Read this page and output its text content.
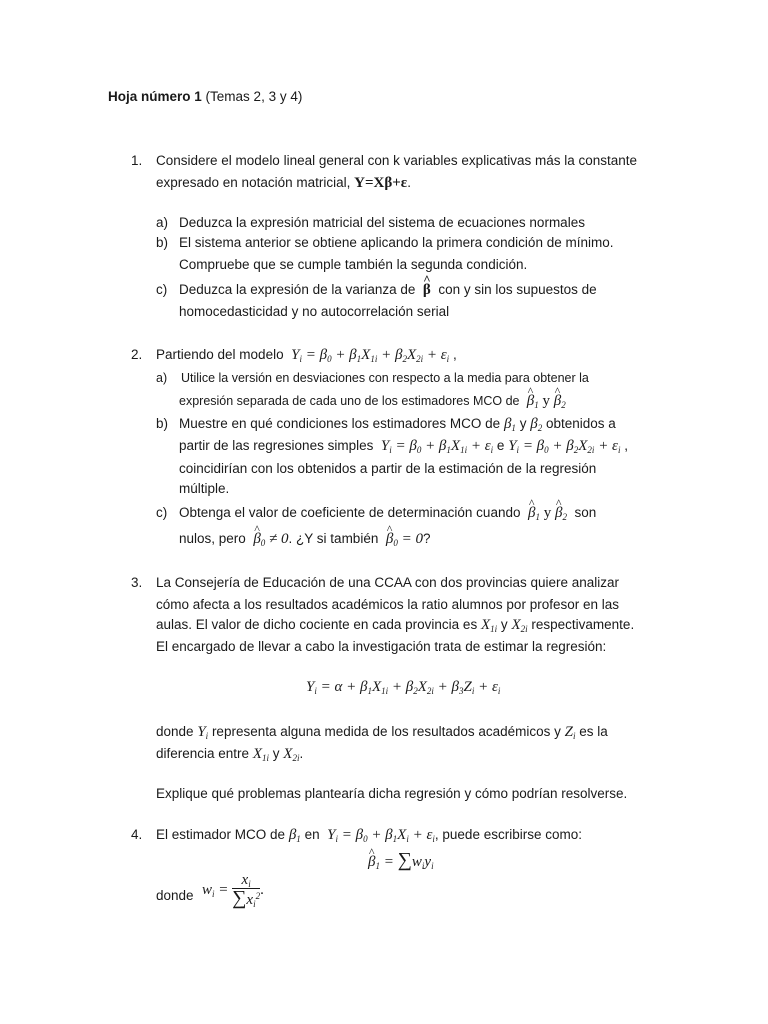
Hoja número 1 (Temas 2, 3 y 4)
1. Considere el modelo lineal general con k variables explicativas más la constante
expresado en notación matricial, Y=Xβ+ε.
a) Deduzca la expresión matricial del sistema de ecuaciones normales
b) El sistema anterior se obtiene aplicando la primera condición de mínimo.
Compruebe que se cumple también la segunda condición.
c) Deduzca la expresión de la varianza de ^ β con y sin los supuestos de
homocedasticidad y no autocorrelación serial
2. Partiendo del modelo  $Y_i = \beta_0 + \beta_1X_{1i} + \beta_2X_{2i} + \varepsilon_i$ ,
a) Utilice la versión en desviaciones con respecto a la media para obtener la
expresión separada de cada uno de los estimadores MCO de ^ $\beta_1$ y ^ $\beta_2$
b) Muestre en qué condiciones los estimadores MCO de $\beta_1$ y $\beta_2$ obtenidos a
partir de las regresiones simples  $Y_i = \beta_0 + \beta_1X_{1i} + \varepsilon_i$ e $Y_i = \beta_0 + \beta_2X_{2i} + \varepsilon_i$ ,
coincidirían con los obtenidos a partir de la estimación de la regresión
múltiple.
c) Obtenga el valor de coeficiente de determinación cuando ^ $\beta_1$ y ^ $\beta_2$ son
nulos, pero ^ $\beta_0 \ne 0$. ¿Y si también ^ $\beta_0 = 0$?
3. La Consejería de Educación de una CCAA con dos provincias quiere analizar
cómo afecta a los resultados académicos la ratio alumnos por profesor en las
aulas. El valor de dicho cociente en cada provincia es $X_{1i}$ y $X_{2i}$ respectivamente.
El encargado de llevar a cabo la investigación trata de estimar la regresión:
$Y_i = \alpha + \beta_1X_{1i} + \beta_2X_{2i} + \beta_3Z_i + \varepsilon_i$
donde $Y_i$ representa alguna medida de los resultados académicos y $Z_i$ es la
diferencia entre $X_{1i}$ y $X_{2i}$.
Explique qué problemas plantearía dicha regresión y cómo podrían resolverse.
4. El estimador MCO de $\beta_1$ en  $Y_i = \beta_0 + \beta_1X_i + \varepsilon_i$, puede escribirse como:
^ $\beta_1 = \sum w_iy_i$
donde $w_i = \frac{x_i}{\sum x_i^2}$ .
